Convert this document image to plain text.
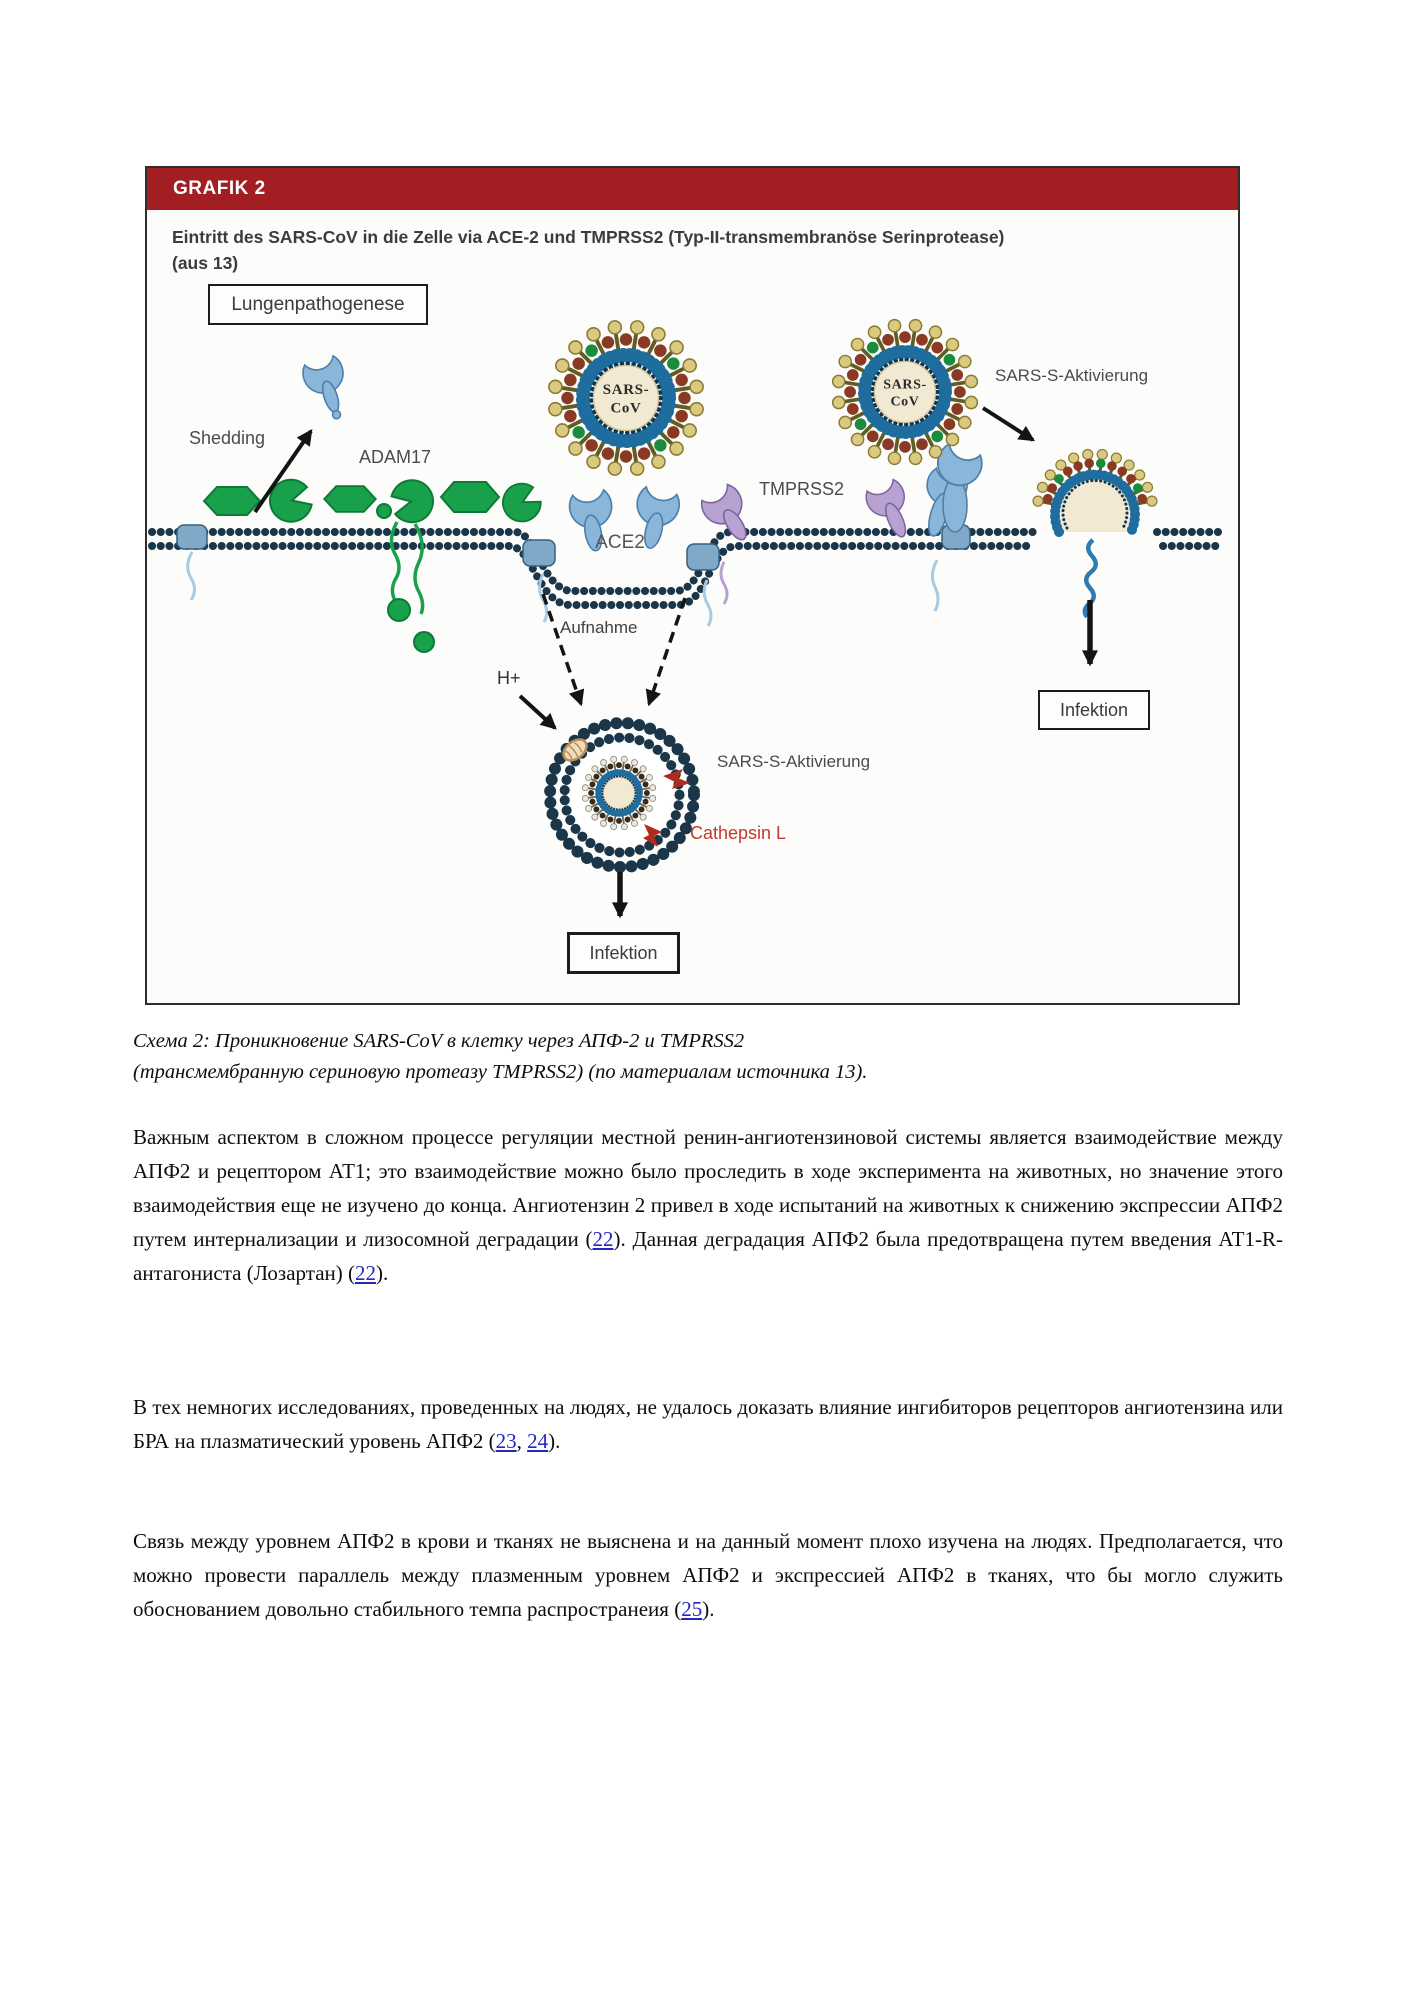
GRAFIK 2
SARS-
CoV
SARS-
CoV
Eintritt des SARS-CoV in die Zelle via ACE-2 und TMPRSS2 (Typ-II-transmembranöse Serinprotease)
(aus 13)
Lungenpathogenese
Infektion
Infektion
Shedding
ADAM17
ACE2
TMPRSS2
SARS-S-Aktivierung
Aufnahme
H+
SARS-S-Aktivierung
Cathepsin L
Схема 2: Проникновение SARS-CoV в клетку через АПФ-2 и TMPRSS2
(трансмембранную сериновую протеазу TMPRSS2) (по материалам источника 13).

Важным аспектом в сложном процессе регуляции местной ренин-ангиотензиновой системы является взаимодействие между АПФ2 и рецептором АТ1; это взаимодействие можно было проследить в ходе эксперимента на животных, но значение этого взаимодействия еще не изучено до конца. Ангиотензин 2 привел в ходе испытаний на животных к снижению экспрессии АПФ2 путем интернализации и лизосомной деградации (22). Данная деградация АПФ2 была предотвращена путем введения АТ1-R-антагониста (Лозартан) (22).

В тех немногих исследованиях, проведенных на людях, не удалось доказать влияние ингибиторов рецепторов ангиотензина или БРА на плазматический уровень АПФ2 (23, 24).

Связь между уровнем АПФ2 в крови и тканях не выяснена и на данный момент плохо изучена на людях. Предполагается, что можно провести параллель между плазменным уровнем АПФ2 и экспрессией АПФ2 в тканях, что бы могло служить обоснованием довольно стабильного темпа распространеия (25).
